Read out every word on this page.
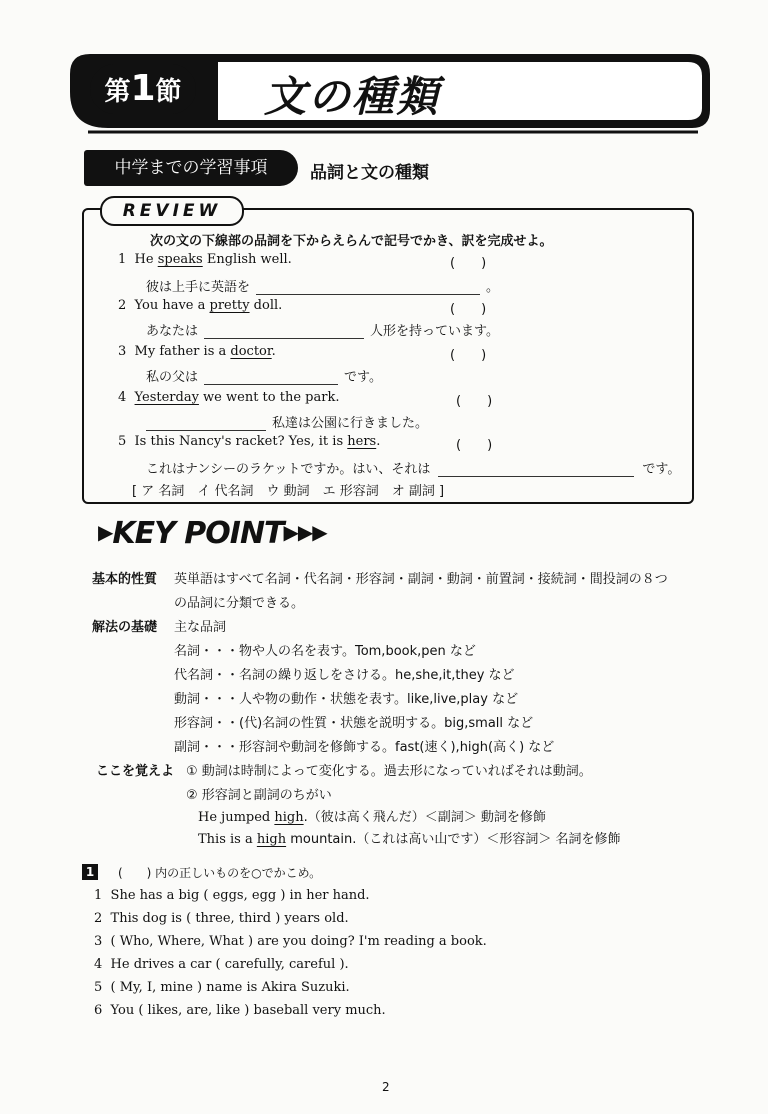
第1節	文の種類
中学までの学習事項	品詞と文の種類
REVIEW
次の文の下線部の品詞を下からえらんで記号でかき、訳を完成せよ。
1 He speaks English well.	(　　)
彼は上手に英語を	。
2 You have a pretty doll.	(　　)
あなたは	人形を持っています。
3 My father is a doctor.	(　　)
私の父は	です。
4 Yesterday we went to the park.	(　　)
私達は公園に行きました。
5 Is this Nancy's racket? Yes, it is hers.	(　　)
これはナンシーのラケットですか。はい、それは	です。
[ ア 名詞　イ 代名詞　ウ 動詞　エ 形容詞　オ 副詞 ]
▶KEY POINT▶▶▶
基本的性質 英単語はすべて名詞・代名詞・形容詞・副詞・動詞・前置詞・接続詞・間投詞の８つ
の品詞に分類できる。
解法の基礎 主な品詞
名詞・・・物や人の名を表す。Tom,book,pen など
代名詞・・名詞の繰り返しをさける。he,she,it,they など
動詞・・・人や物の動作・状態を表す。like,live,play など
形容詞・・(代)名詞の性質・状態を説明する。big,small など
副詞・・・形容詞や動詞を修飾する。fast(速く),high(高く) など
ここを覚えよ ① 動詞は時制によって変化する。過去形になっていればそれは動詞。
② 形容詞と副詞のちがい
He jumped high.（彼は高く飛んだ）＜副詞＞ 動詞を修飾
This is a high mountain.（これは高い山です）＜形容詞＞ 名詞を修飾
1	(　　) 内の正しいものを○でかこめ。
1 She has a big ( eggs, egg ) in her hand.
2 This dog is ( three, third ) years old.
3 ( Who, Where, What ) are you doing? I'm reading a book.
4 He drives a car ( carefully, careful ).
5 ( My, I, mine ) name is Akira Suzuki.
6 You ( likes, are, like ) baseball very much.
2
